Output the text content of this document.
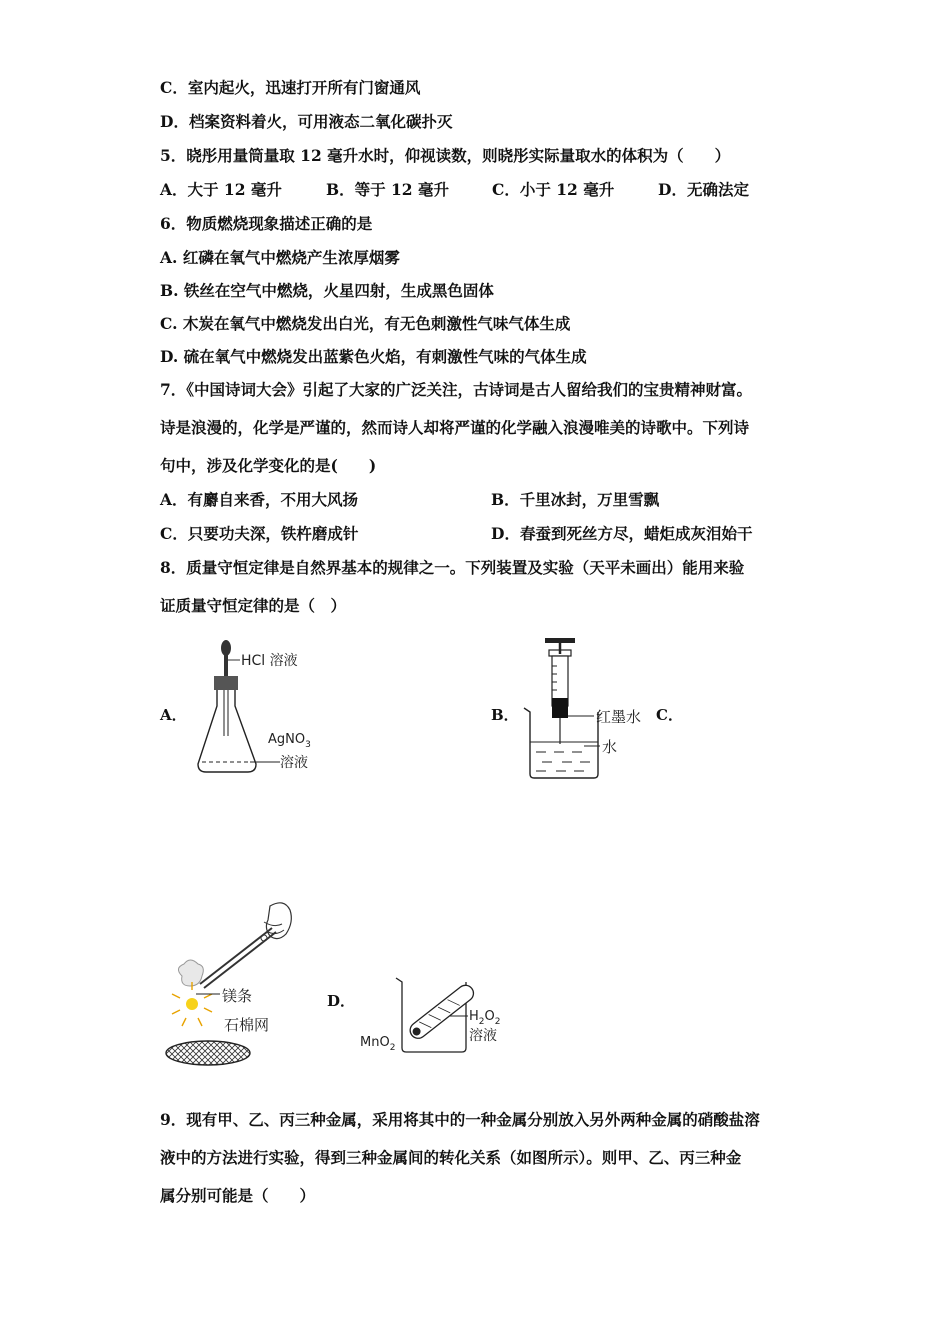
C．室内起火，迅速打开所有门窗通风
D．档案资料着火，可用液态二氧化碳扑灭
5．晓彤用量筒量取 12 毫升水时，仰视读数，则晓彤实际量取水的体积为（　　）
A．大于 12 毫升	B．等于 12 毫升	C．小于 12 毫升	D．无确法定
6．物质燃烧现象描述正确的是
A. 红磷在氧气中燃烧产生浓厚烟雾
B. 铁丝在空气中燃烧，火星四射，生成黑色固体
C. 木炭在氧气中燃烧发出白光，有无色刺激性气味气体生成
D. 硫在氧气中燃烧发出蓝紫色火焰，有刺激性气味的气体生成
7．《中国诗词大会》引起了大家的广泛关注，古诗词是古人留给我们的宝贵精神财富。
诗是浪漫的，化学是严谨的，然而诗人却将严谨的化学融入浪漫唯美的诗歌中。下列诗
句中，涉及化学变化的是(　　)
A．有麝自来香，不用大风扬	B．千里冰封，万里雪飘
C．只要功夫深，铁杵磨成针	D．春蚕到死丝方尽，蜡炬成灰泪始干
8．质量守恒定律是自然界基本的规律之一。下列装置及实验（天平未画出）能用来验
证质量守恒定律的是（　）
A．	B．	C．
D．
HCl 溶液
AgNO$_3$
溶液
红墨水
水
镁条
石棉网	$H_2O_2$
溶液
MnO$_2$
9．现有甲、乙、丙三种金属，采用将其中的一种金属分别放入另外两种金属的硝酸盐溶
液中的方法进行实验，得到三种金属间的转化关系（如图所示）。则甲、乙、丙三种金
属分别可能是（　　）
